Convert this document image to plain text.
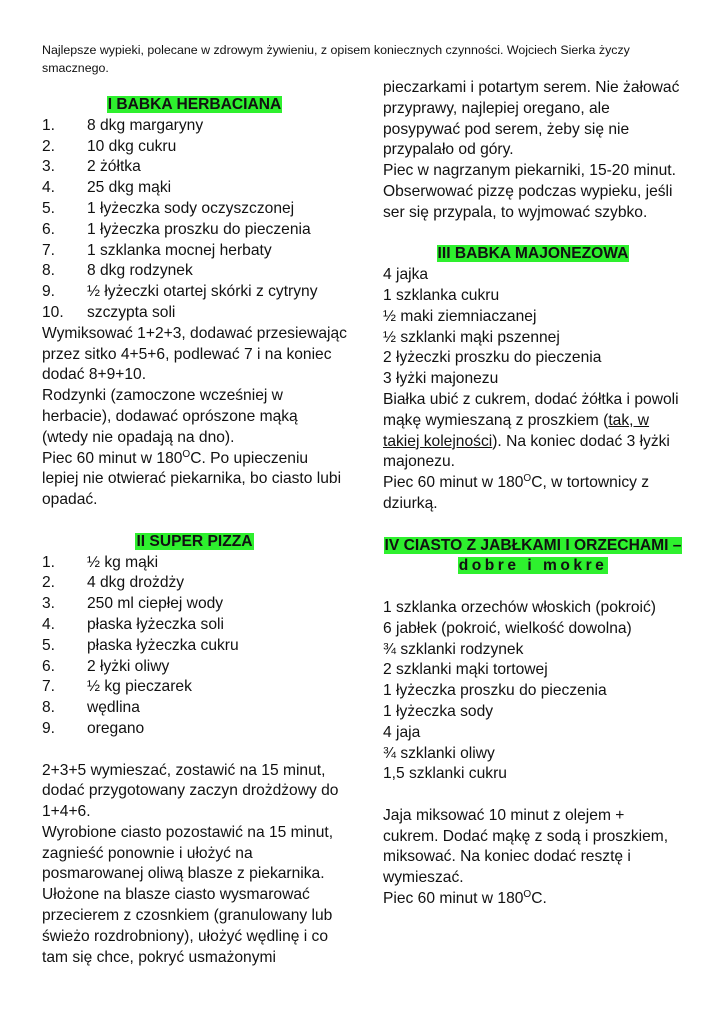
Najlepsze wypieki, polecane w zdrowym żywieniu, z opisem koniecznych czynności. Wojciech Sierka życzy smacznego.

I BABKA HERBACIANA

1.	8 dkg margaryny
2.	10 dkg cukru
3.	2 żółtka
4.	25 dkg mąki
5.	1 łyżeczka sody oczyszczonej
6.	1 łyżeczka proszku do pieczenia
7.	1 szklanka mocnej herbaty
8.	8 dkg rodzynek
9.	½ łyżeczki otartej skórki z cytryny
10.	szczypta soli

Wymiksować 1+2+3, dodawać przesiewając przez sitko 4+5+6, podlewać 7 i na koniec dodać 8+9+10.

Rodzynki (zamoczone wcześniej w herbacie), dodawać oprószone mąką (wtedy nie opadają na dno).

Piec 60 minut w $180^OC$. Po upieczeniu lepiej nie otwierać piekarnika, bo ciasto lubi opadać.

II SUPER PIZZA

1.	½ kg mąki
2.	4 dkg drożdży
3.	250 ml ciepłej wody
4.	płaska łyżeczka soli
5.	płaska łyżeczka cukru
6.	2 łyżki oliwy
7.	½ kg pieczarek
8.	wędlina
9.	oregano

2+3+5 wymieszać, zostawić na 15 minut, dodać przygotowany zaczyn drożdżowy do 1+4+6.

Wyrobione ciasto pozostawić na 15 minut, zagnieść ponownie i ułożyć na posmarowanej oliwą blasze z piekarnika. Ułożone na blasze ciasto wysmarować przecierem z czosnkiem (granulowany lub świeżo rozdrobniony), ułożyć wędlinę i co tam się chce, pokryć usmażonymi

pieczarkami i potartym serem. Nie żałować przyprawy, najlepiej oregano, ale posypywać pod serem, żeby się nie przypalało od góry.

Piec w nagrzanym piekarniki, 15-20 minut. Obserwować pizzę podczas wypieku, jeśli ser się przypala, to wyjmować szybko.

III BABKA MAJONEZOWA

4 jajka
1 szklanka cukru
½ maki ziemniaczanej
½ szklanki mąki pszennej
2 łyżeczki proszku do pieczenia
3 łyżki majonezu

Białka ubić z cukrem, dodać żółtka i powoli mąkę wymieszaną z proszkiem (tak, w takiej kolejności). Na koniec dodać 3 łyżki majonezu.

Piec 60 minut w $180^OC$, w tortownicy z dziurką.

IV CIASTO Z JABŁKAMI I ORZECHAMI –

dobre i mokre

1 szklanka orzechów włoskich (pokroić)
6 jabłek (pokroić, wielkość dowolna)
¾ szklanki rodzynek
2 szklanki mąki tortowej
1 łyżeczka proszku do pieczenia
1 łyżeczka sody
4 jaja
¾ szklanki oliwy
1,5 szklanki cukru

Jaja miksować 10 minut z olejem + cukrem. Dodać mąkę z sodą i proszkiem, miksować. Na koniec dodać resztę i wymieszać.

Piec 60 minut w $180^OC$.
